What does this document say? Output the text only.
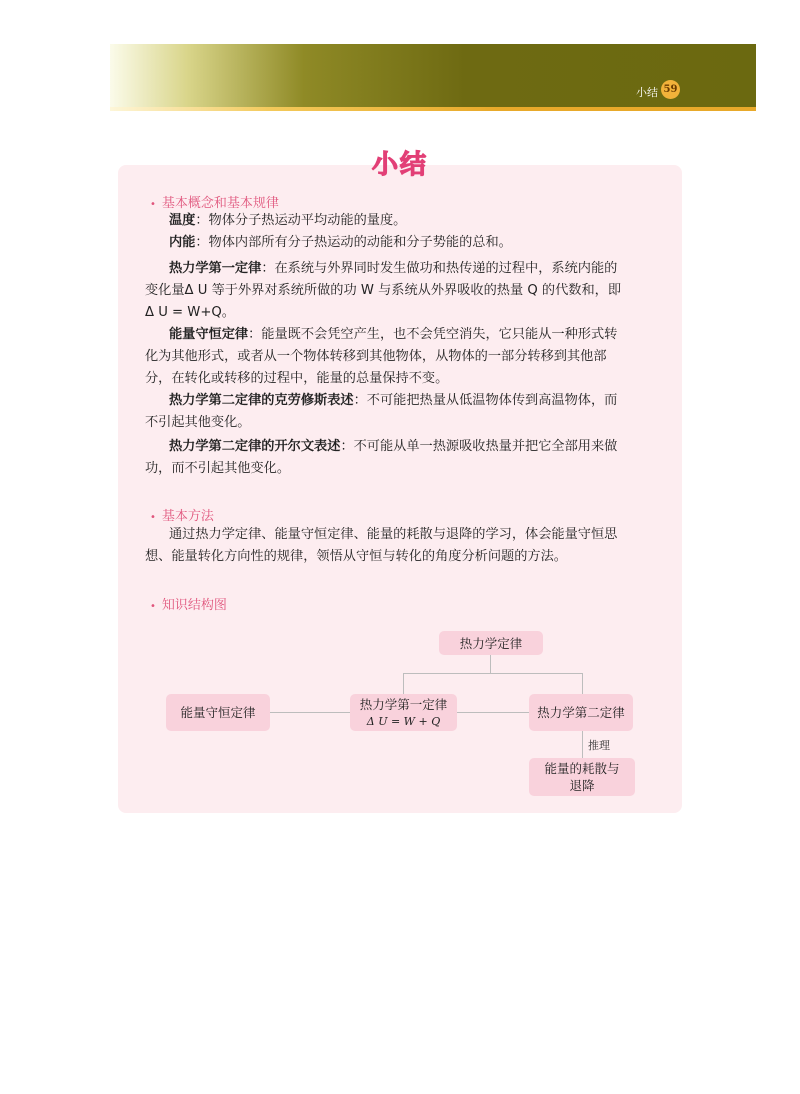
小结 59
小结
• 基本概念和基本规律
温度：物体分子热运动平均动能的量度。
内能：物体内部所有分子热运动的动能和分子势能的总和。
热力学第一定律：在系统与外界同时发生做功和热传递的过程中，系统内能的
变化量Δ U 等于外界对系统所做的功 W 与系统从外界吸收的热量 Q 的代数和，即
Δ U = W+Q。
能量守恒定律：能量既不会凭空产生，也不会凭空消失，它只能从一种形式转
化为其他形式，或者从一个物体转移到其他物体，从物体的一部分转移到其他部
分，在转化或转移的过程中，能量的总量保持不变。
热力学第二定律的克劳修斯表述：不可能把热量从低温物体传到高温物体，而
不引起其他变化。
热力学第二定律的开尔文表述：不可能从单一热源吸收热量并把它全部用来做
功，而不引起其他变化。
• 基本方法
通过热力学定律、能量守恒定律、能量的耗散与退降的学习，体会能量守恒思
想、能量转化方向性的规律，领悟从守恒与转化的角度分析问题的方法。
• 知识结构图
热力学定律
能量守恒定律
热力学第一定律
Δ U = W + Q
热力学第二定律
推理
能量的耗散与
退降
